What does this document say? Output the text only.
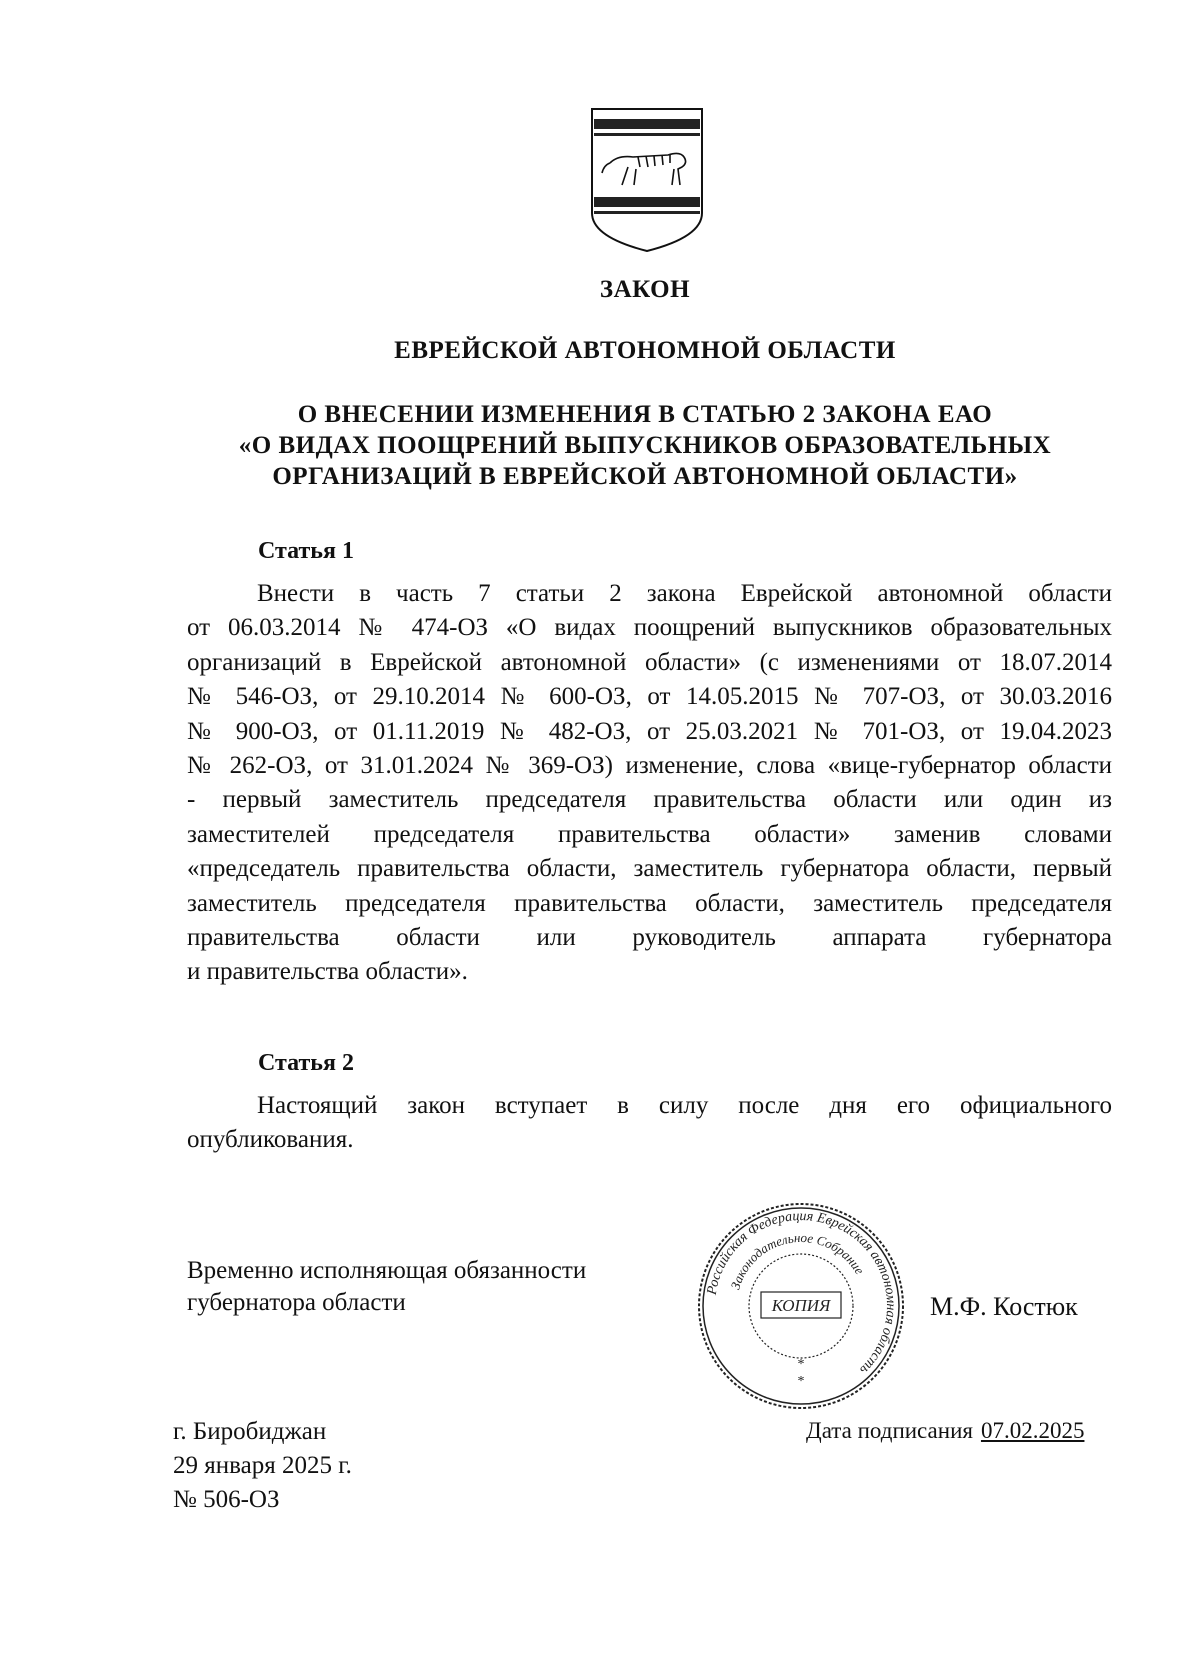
ЗАКОН
ЕВРЕЙСКОЙ АВТОНОМНОЙ ОБЛАСТИ
О ВНЕСЕНИИ ИЗМЕНЕНИЯ В СТАТЬЮ 2 ЗАКОНА ЕАО
«О ВИДАХ ПООЩРЕНИЙ ВЫПУСКНИКОВ ОБРАЗОВАТЕЛЬНЫХ
ОРГАНИЗАЦИЙ В ЕВРЕЙСКОЙ АВТОНОМНОЙ ОБЛАСТИ»
Статья 1

Внести в часть 7 статьи 2 закона Еврейской автономной области

от 06.03.2014 № 474-ОЗ «О видах поощрений выпускников образовательных

организаций в Еврейской автономной области» (с изменениями от 18.07.2014

№ 546-ОЗ, от 29.10.2014 № 600-ОЗ, от 14.05.2015 № 707-ОЗ, от 30.03.2016

№ 900-ОЗ, от 01.11.2019 № 482-ОЗ, от 25.03.2021 № 701-ОЗ, от 19.04.2023

№ 262-ОЗ, от 31.01.2024 № 369-ОЗ) изменение, слова «вице-губернатор области

- первый заместитель председателя правительства области или один из

заместителей председателя правительства области» заменив словами

«председатель правительства области, заместитель губернатора области, первый

заместитель председателя правительства области, заместитель председателя

правительства области или руководитель аппарата губернатора

и правительства области».

Статья 2

Настоящий закон вступает в силу после дня его официального

опубликования.

Временно исполняющая обязанности
губернатора области	Российская Федерация Еврейская автономная область
Законодательное Собрание
КОПИЯ
*
*
М.Ф. Костюк
г. Биробиджан
29 января 2025 г.
№ 506-ОЗ
Дата подписания 07.02.2025
